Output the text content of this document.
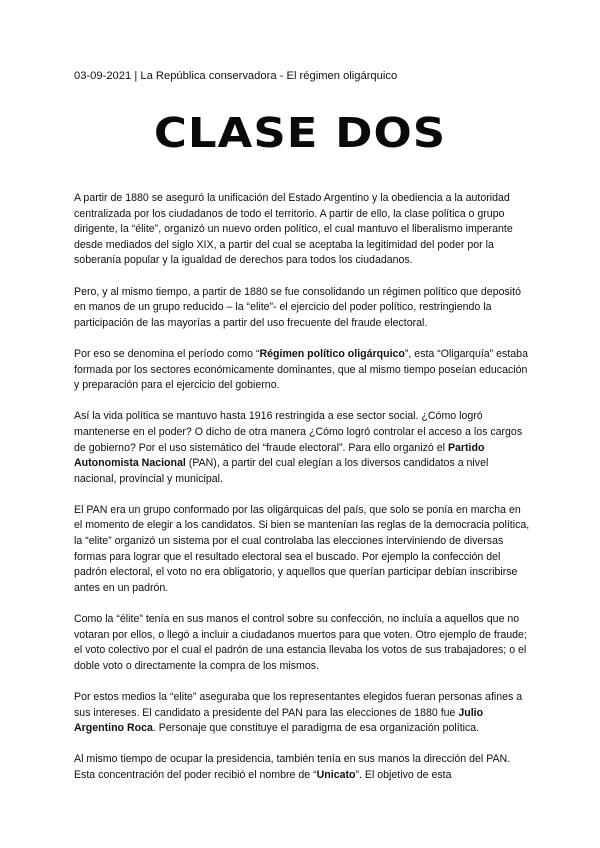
03-09-2021 | La República conservadora - El régimen oligárquico
CLASE DOS

A partir de 1880 se aseguró la unificación del Estado Argentino y la obediencia a la autoridad centralizada por los ciudadanos de todo el territorio. A partir de ello, la clase política o grupo dirigente, la “élite”, organizó un nuevo orden político, el cual mantuvo el liberalismo imperante desde mediados del siglo XIX, a partir del cual se aceptaba la legitimidad del poder por la soberanía popular y la igualdad de derechos para todos los ciudadanos.

Pero, y al mismo tiempo, a partir de 1880 se fue consolidando un régimen político que depositó en manos de un grupo reducido – la “elite”- el ejercicio del poder político, restringiendo la participación de las mayorías a partir del uso frecuente del fraude electoral.

Por eso se denomina el período como “Régimen político oligárquico”, esta “Oligarquía” estaba formada por los sectores económicamente dominantes, que al mismo tiempo poseían educación y preparación para el ejercicio del gobierno.

Así la vida política se mantuvo hasta 1916 restringida a ese sector social. ¿Cómo logró mantenerse en el poder? O dicho de otra manera ¿Cómo logró controlar el acceso a los cargos de gobierno? Por el uso sistemático del “fraude electoral”. Para ello organizó el Partido Autonomista Nacional (PAN), a partir del cual elegían a los diversos candidatos a nivel nacional, provincial y municipal.

El PAN era un grupo conformado por las oligárquicas del país, que solo se ponía en marcha en el momento de elegir a los candidatos. Si bien se mantenían las reglas de la democracia política, la “elite” organizó un sistema por el cual controlaba las elecciones interviniendo de diversas formas para lograr que el resultado electoral sea el buscado. Por ejemplo la confección del padrón electoral, el voto no era obligatorio, y aquellos que querían participar debían inscribirse antes en un padrón.

Como la “élite” tenía en sus manos el control sobre su confección, no incluía a aquellos que no votaran por ellos, o llegó a incluir a ciudadanos muertos para que voten. Otro ejemplo de fraude; el voto colectivo por el cual el padrón de una estancia llevaba los votos de sus trabajadores; o el doble voto o directamente la compra de los mismos.

Por estos medios la “elite” aseguraba que los representantes elegidos fueran personas afines a sus intereses. El candidato a presidente del PAN para las elecciones de 1880 fue Julio Argentino Roca. Personaje que constituye el paradigma de esa organización política.

Al mismo tiempo de ocupar la presidencia, también tenía en sus manos la dirección del PAN. Esta concentración del poder recibió el nombre de “Unicato”. El objetivo de esta
